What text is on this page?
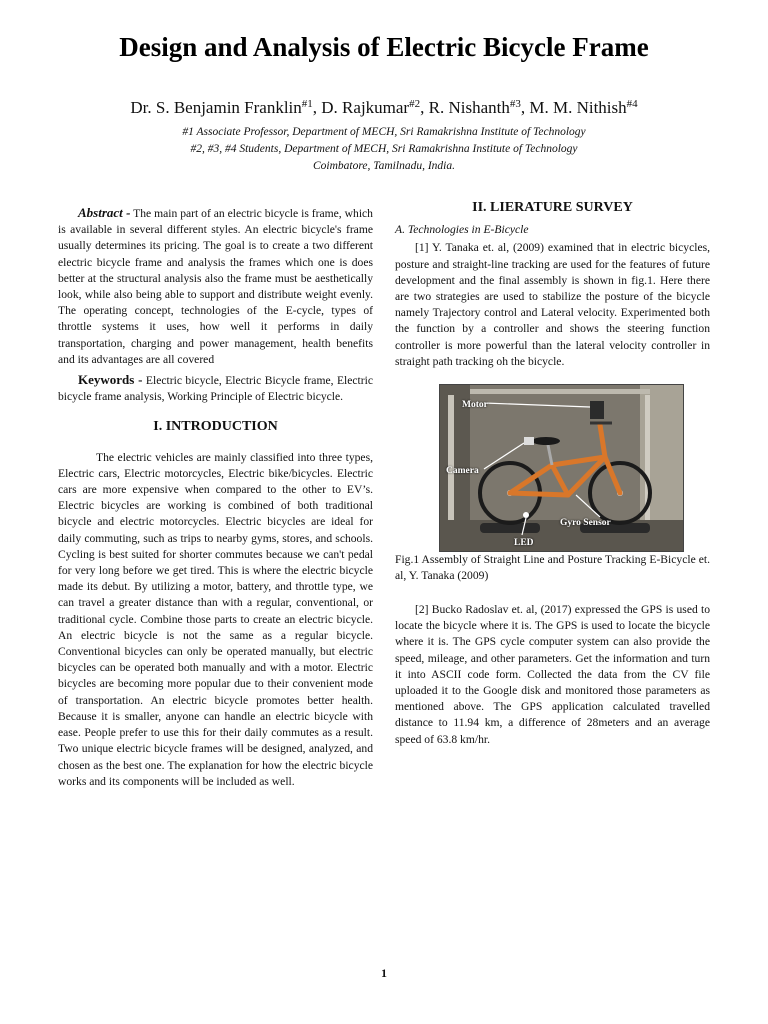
Design and Analysis of Electric Bicycle Frame
Dr. S. Benjamin Franklin$^{\#1}$, D. Rajkumar$^{\#2}$, R. Nishanth$^{\#3}$, M. M. Nithish$^{\#4}$
#1 Associate Professor, Department of MECH, Sri Ramakrishna Institute of Technology
#2, #3, #4 Students, Department of MECH, Sri Ramakrishna Institute of Technology
Coimbatore, Tamilnadu, India.

Abstract - The main part of an electric bicycle is frame, which is available in several different styles. An electric bicycle's frame usually determines its pricing. The goal is to create a two different electric bicycle frame and analysis the frames which one is does better at the structural analysis also the frame must be aesthetically look, while also being able to support and distribute weight evenly. The operating concept, technologies of the E-cycle, types of throttle systems it uses, how well it performs in daily transportation, charging and power management, health benefits and its advantages are all covered

Keywords - Electric bicycle, Electric Bicycle frame, Electric bicycle frame analysis, Working Principle of Electric bicycle.

I. INTRODUCTION

The electric vehicles are mainly classified into three types, Electric cars, Electric motorcycles, Electric bike/bicycles. Electric cars are more expensive when compared to the other to EV’s. Electric bicycles are working is combined of both traditional bicycle and electric motorcycles. Electric bicycles are ideal for daily commuting, such as trips to nearby gyms, stores, and schools. Cycling is best suited for shorter commutes because we can't pedal for very long before we get tired. This is where the electric bicycle made its debut. By utilizing a motor, battery, and throttle type, we can travel a greater distance than with a regular, conventional, or traditional cycle. Combine those parts to create an electric bicycle. An electric bicycle is not the same as a regular bicycle. Conventional bicycles can only be operated manually, but electric bicycles can be operated both manually and with a motor. Electric bicycles are becoming more popular due to their convenient mode of transportation. An electric bicycle promotes better health. Because it is smaller, anyone can handle an electric bicycle with ease. People prefer to use this for their daily commutes as a result. Two unique electric bicycle frames will be designed, analyzed, and chosen as the best one. The explanation for how the electric bicycle works and its components will be included as well.

II. LIERATURE SURVEY

A. Technologies in E-Bicycle

[1] Y. Tanaka et. al, (2009) examined that in electric bicycles, posture and straight-line tracking are used for the features of future development and the final assembly is shown in fig.1. Here there are two strategies are used to stabilize the posture of the bicycle namely Trajectory control and Lateral velocity. Experimented both the function by a controller and shows the steering function controller is more powerful than the lateral velocity controller in straight path tracking oh the bicycle.

Motor
Camera
Gyro Sensor
LED

Fig.1 Assembly of Straight Line and Posture Tracking E-Bicycle et. al, Y. Tanaka (2009)

[2] Bucko Radoslav et. al, (2017) expressed the GPS is used to locate the bicycle where it is. The GPS is used to locate the bicycle where it is. The GPS cycle computer system can also provide the speed, mileage, and other parameters. Get the information and turn it into ASCII code form. Collected the data from the CV file uploaded it to the Google disk and monitored those parameters as mentioned above. The GPS application calculated travelled distance to 11.94 km, a difference of 28meters and an average speed of 63.8 km/hr.

1
